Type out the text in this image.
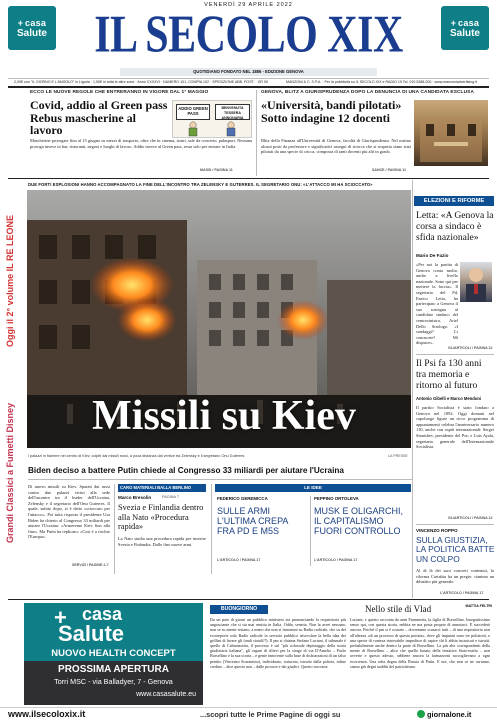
+ casa
Salute
+ casa
Salute
VENERDÌ 29 APRILE 2022
IL SECOLO XIX
QUOTIDIANO FONDATO NEL 1886 - EDIZIONE GENOVA
2,00€ con "IL GIORNO E L'ANGOLO" in Liguria · 1,50€ in tutta le altre zone · Anno CXXXVI · NUMERO 101, COMPIA 102 · SPEDIZIONE ABB. POST. · GR 50	MANZONI & C. S.P.A. · Per la pubblicità su IL SECOLO XIX e RADIO 19 Tel. 010 5388.200 · www.manzoniadvertising.it
ECCO LE NUOVE REGOLE CHE ENTRERANNO IN VIGORE DAL 1° MAGGIO
Covid, addio al Green pass Rebus mascherine al lavoro
Mascherine prorogate fino al 15 giugno su mezzi di trasporto, oltre che in cinema, teatri, sale da concerto, palasport. Nessuna proroga invece in bar, ristoranti, negozi e luoghi di lavoro. Addio invece al Green pass, resta solo per entrare in Italia.
MASSI / PAGINA 11
ADDIO GREEN PASS
BENVENUTA TESSERA ANNONARIA
GENOVA, BLITZ A GIURISPRUDENZA DOPO LA DENUNCIA DI UNA CANDIDATA ESCLUSA
«Università, bandi pilotati» Sotto indagine 12 docenti
Blitz della Finanza all'Università di Genova, facoltà di Giurisprudenza. Nel mirino alcuni posti da professore e significativi assegni di ricerca che si sospetta siano stati pilotati da una specie di cricca, composta di tanti docenti più alti in grado.
SANCE / PAGINA 11
Oggi il 2° volume IL RE LEONE
Grandi Classici a Fumetti Disney
DUE FORTI ESPLOSIONI HANNO ACCOMPAGNATO LA FINE DELL'INCONTRO TRA ZELENSKY E GUTERRES. IL SEGRETARIO ONU: «L'ATTACCO MI HA SCIOCCATO»
Missili su Kiev
I palazzi in fiamme nel centro di Kiev, colpiti dai missili russi, a poca distanza dal vertice tra Zelensky e il segretario Onu Guterres	LA PRESSE
Biden deciso a battere Putin chiede al Congresso 33 miliardi per aiutare l'Ucraina
Di nuovo missili su Kiev. Sparati dai russi contro due palazzi vicini alla sede dell'incontro tra il leader dell'Ucraina, Zelensky e il segretario dell'Onu Guterres. Il quale, subito dopo, si è detto «scioccato per l'attacco». Poi tutta risposta il presidente Usa Biden ha chiesto al Congresso 33 miliardi per aiutare l'Ucraina: «Armeremo Kiev fino alla fine». Ma Putin ha replicato: «Così è a rischio l'Europa».
SERVIZI / PAGINE 2-7
CARO MATERIALI BALLA BERLINO
Marco Bresolin	PAGINA 7
Svezia e Finlandia dentro alla Nato «Procedura rapida»
La Nato studia una procedura rapida per inserire Svezia e Finlandia. Dalle fino nuove armi.
LE IDEE
FEDERICO GEREMICCA
SULLE ARMI L'ULTIMA CREPA FRA PD E M5S
L'ARTICOLO / PAGINA 17
PEPPINO ORTOLEVA
MUSK E OLIGARCHI, IL CAPITALISMO FUORI CONTROLLO
L'ARTICOLO / PAGINA 17
ELEZIONI E RIFORME
Letta: «A Genova la corsa a sindaco è sfida nazionale»
Mario De Fazio
«Per noi la partita di Genova conta molto, anche a livello nazionale. Sono qui per mettere la faccia». Il segretario del Pd, Enrico Letta, ha partecipato a Genova il suo sostegno al candidato sindaco del centrosinistra, Ariel Dello Strologo. «I sondaggi? Li conoscete? Mi dispiace».
GLIARTICOLI / PAGINA 12
Il Psi fa 130 anni tra memoria e ritorno al futuro
Antonio Gibelli e Marco Menduni
Il partito Socialista è stato fondato a Genova nel 1892. Oggi domani nel capoluogo ligure un ricco programma di appuntamenti celebra l'anniversario numero 130, anche con ospiti internazionali: Sergei Stanishev, presidente del Pse, e Luis Ayala, segretario generale dell'Internazionale Socialista.
GLIARTICOLI / PAGINA 12
VINCENZO ROPPO
SULLA GIUSTIZIA, LA POLITICA BATTE UN COLPO
Al di là dei suoi concreti contenuti, la riforma Cartabia ha un pregio: rianima un dibattito più generale.
L'ARTICOLO / PAGINA 17
casa
Salute
+
NUOVO HEALTH CONCEPT
PROSSIMA APERTURA
Torri MSC - via Balladyer, 7 - Genova
www.casasalute.eu
BUONGIORNO
Da un paio di giorni un pubblico ministero sta pronunciando la requisitoria più angosciante che si sia mai sentita in Italia. Odda, senetta. Non la avrei nessuno, non se su niente restano, a meno che non si intromini su Radio radicale, che su dei ecotreporte solo Radio radicale fa servizio pubblico trisecolare la bella idea dei grillini di lavare gli fondi statali?!). Il pm si chiama Stefano Luciani, il tribunale è quello di Caltanissetta, il processo è sul "più colossale depistaggio della storia giudiziaria italiana", gli organi di rilievi per la strage di via D'Amelio – Paolo Borsellino e la sua scorta – e gente innocente sulla base di dichiarazioni di un falso pentito (Vincenzo Scarantino), individuato, torturato, istruito dalla polizia, infine creduto – dice questo non – dalle procure e dai giudici. Questo racconta
Nello stile di Vlad	MATTIA FELTRI
Luciani, e questo racconta da anni Fiammetta, la figlia di Borsellino. Inseguitissimo senso qui, con questa storia, nebbia ne ma posta proprie di annoiarci. E succederà ancora. Perché il pm si è scusato – dovremmo scusarci tutti – di una requisitoria non all'altezza «di un processo di questa portata», dove gli imputati sono tre poliziotti, e una specie di contesa introvabile impedisce di capire chi li abbia incaricati e istruiti, probabilmente anche dentro la parte di Borsellino. La più alte corrispondenti della mente di Borsellino – altro che quello basato della tentativa Stato-mafia – non avverte e questo adesso, sebbene ancora la larmazzoni raccoglievano a ogni ricorrenza. Una roba degna della Russia di Putin. E noi, che non ce ne curiamo, siamo già degni sudditi del patriottismo.
www.ilsecoloxix.it	...scopri tutte le Prime Pagine di oggi su	giornalone.it
